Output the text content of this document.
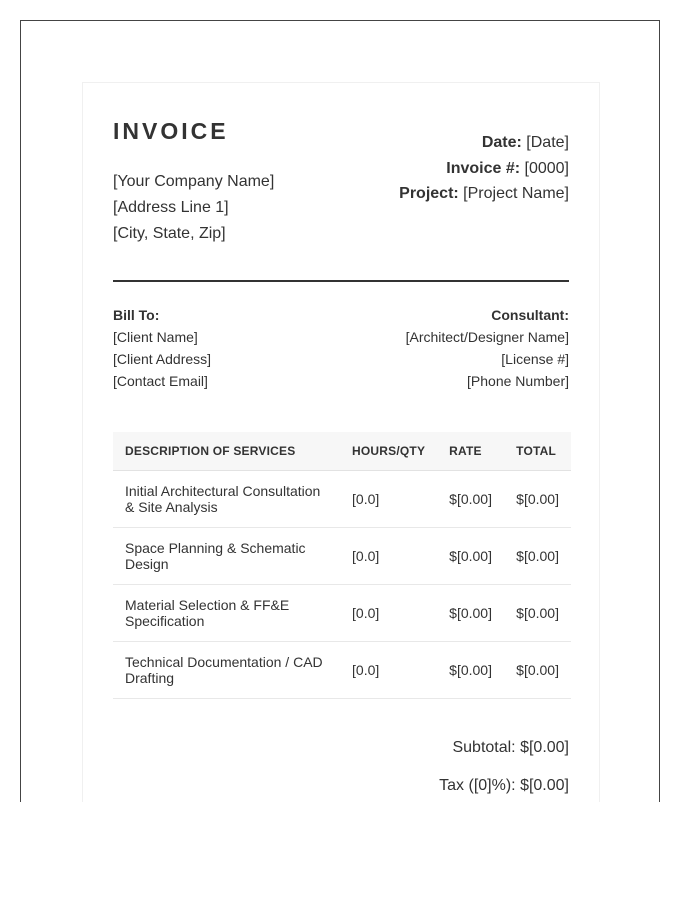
INVOICE
[Your Company Name]
[Address Line 1]
[City, State, Zip]
Date: [Date]
Invoice #: [0000]
Project: [Project Name]
Bill To:
[Client Name]
[Client Address]
[Contact Email]
Consultant:
[Architect/Designer Name]
[License #]
[Phone Number]
DESCRIPTION OF SERVICES	HOURS/QTY	RATE	TOTAL
Initial Architectural Consultation & Site Analysis	[0.0]	$[0.00]	$[0.00]
Space Planning & Schematic Design	[0.0]	$[0.00]	$[0.00]
Material Selection & FF&E Specification	[0.0]	$[0.00]	$[0.00]
Technical Documentation / CAD Drafting	[0.0]	$[0.00]	$[0.00]
Subtotal: $[0.00]
Tax ([0]%): $[0.00]
